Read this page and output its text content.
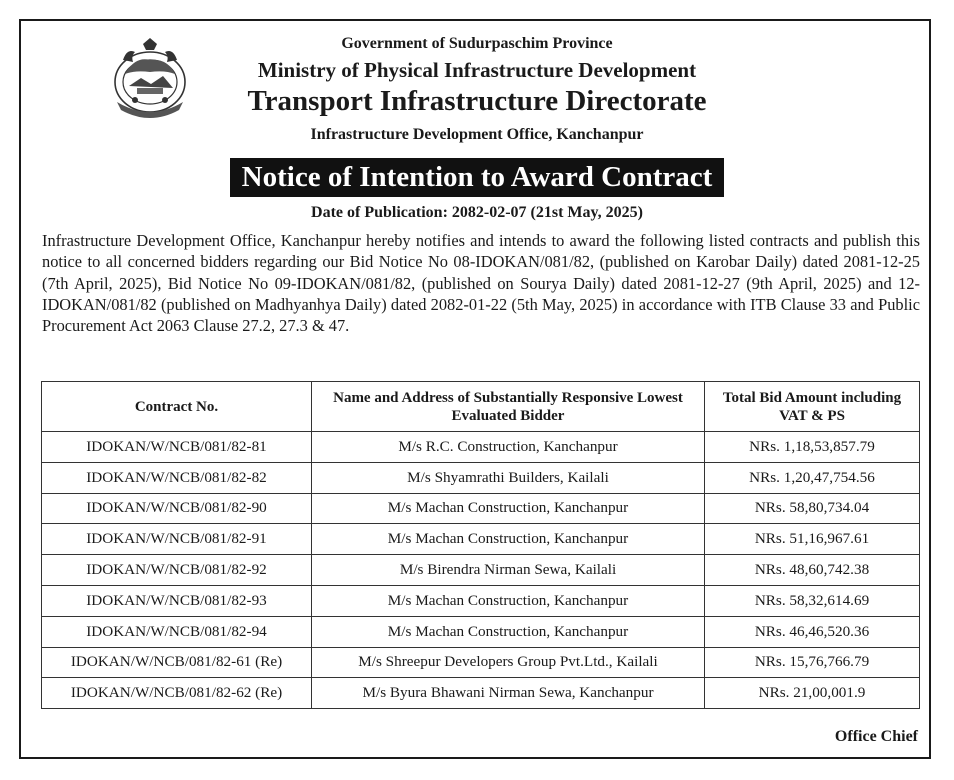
Government of Sudurpaschim Province
Ministry of Physical Infrastructure Development
Transport Infrastructure Directorate
Infrastructure Development Office, Kanchanpur
Notice of Intention to Award Contract
Date of Publication: 2082-02-07 (21st May, 2025)

Infrastructure Development Office, Kanchanpur hereby notifies and intends to award the following listed contracts and publish this notice to all concerned bidders regarding our Bid Notice No 08-IDOKAN/081/82, (published on Karobar Daily) dated 2081-12-25 (7th April, 2025), Bid Notice No 09-IDOKAN/081/82, (published on Sourya Daily) dated 2081-12-27 (9th April, 2025) and 12-IDOKAN/081/82 (published on Madhyanhya Daily) dated 2082-01-22 (5th May, 2025) in accordance with ITB Clause 33 and Public Procurement Act 2063 Clause 27.2, 27.3 & 47.

Contract No.	Name and Address of Substantially Responsive Lowest Evaluated Bidder	Total Bid Amount including VAT & PS
IDOKAN/W/NCB/081/82-81	M/s R.C. Construction, Kanchanpur	NRs. 1,18,53,857.79
IDOKAN/W/NCB/081/82-82	M/s Shyamrathi Builders, Kailali	NRs. 1,20,47,754.56
IDOKAN/W/NCB/081/82-90	M/s Machan Construction, Kanchanpur	NRs. 58,80,734.04
IDOKAN/W/NCB/081/82-91	M/s Machan Construction, Kanchanpur	NRs. 51,16,967.61
IDOKAN/W/NCB/081/82-92	M/s Birendra Nirman Sewa, Kailali	NRs. 48,60,742.38
IDOKAN/W/NCB/081/82-93	M/s Machan Construction, Kanchanpur	NRs. 58,32,614.69
IDOKAN/W/NCB/081/82-94	M/s Machan Construction, Kanchanpur	NRs. 46,46,520.36
IDOKAN/W/NCB/081/82-61 (Re)	M/s Shreepur Developers Group Pvt.Ltd., Kailali	NRs. 15,76,766.79
IDOKAN/W/NCB/081/82-62 (Re)	M/s Byura Bhawani Nirman Sewa, Kanchanpur	NRs. 21,00,001.9
Office Chief
